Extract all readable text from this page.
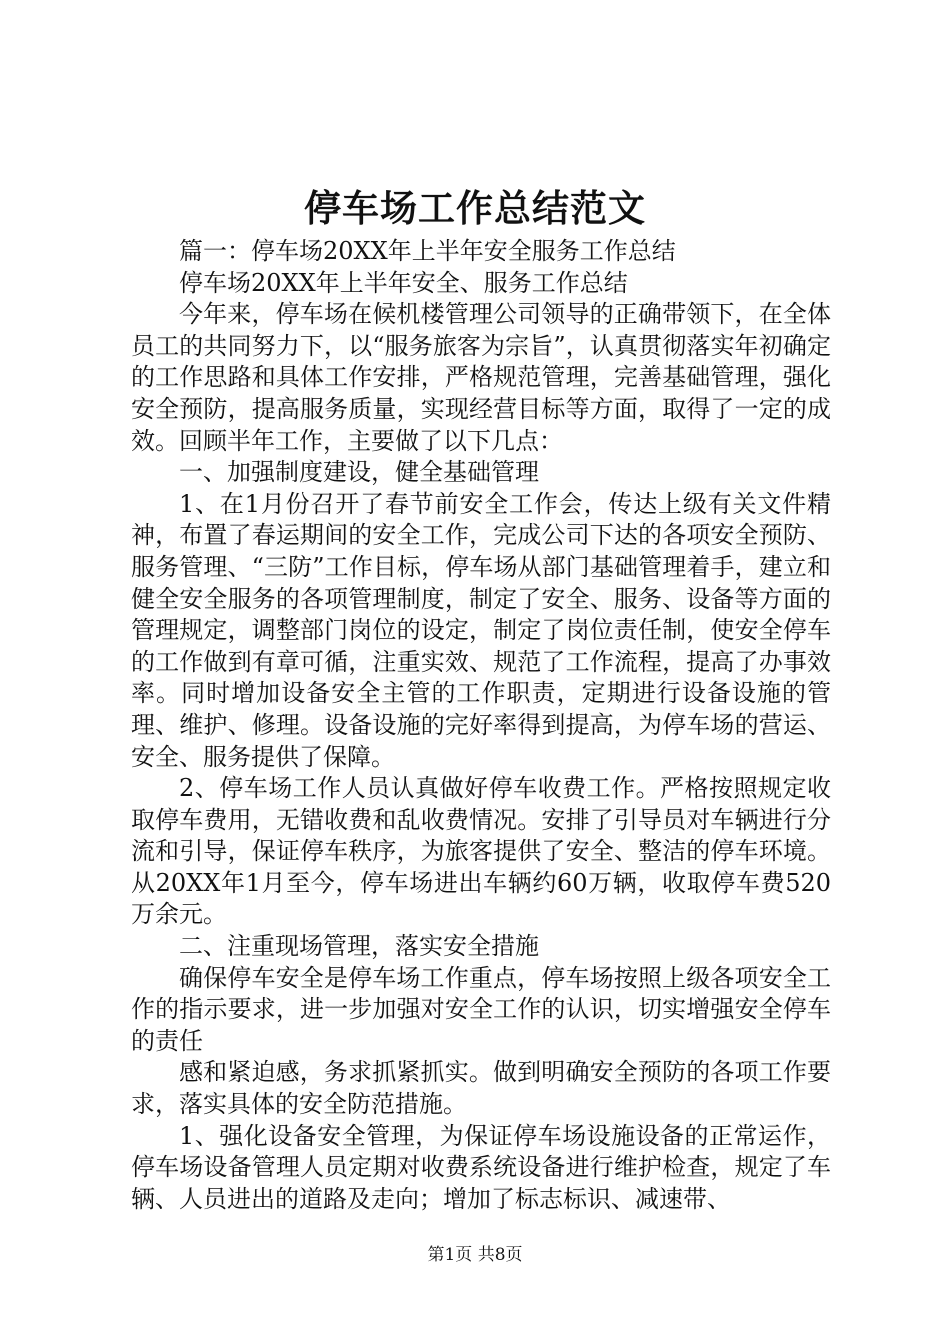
停车场工作总结范文

篇一：停车场20XX年上半年安全服务工作总结

停车场20XX年上半年安全、服务工作总结

今年来，停车场在候机楼管理公司领导的正确带领下，在全体员工的共同努力下，以“服务旅客为宗旨”，认真贯彻落实年初确定的工作思路和具体工作安排，严格规范管理，完善基础管理，强化安全预防，提高服务质量，实现经营目标等方面，取得了一定的成效。回顾半年工作，主要做了以下几点：

一、加强制度建设，健全基础管理

1、在1月份召开了春节前安全工作会，传达上级有关文件精神，布置了春运期间的安全工作，完成公司下达的各项安全预防、服务管理、“三防”工作目标，停车场从部门基础管理着手，建立和健全安全服务的各项管理制度，制定了安全、服务、设备等方面的管理规定，调整部门岗位的设定，制定了岗位责任制，使安全停车的工作做到有章可循，注重实效、规范了工作流程，提高了办事效率。同时增加设备安全主管的工作职责，定期进行设备设施的管理、维护、修理。设备设施的完好率得到提高，为停车场的营运、安全、服务提供了保障。

2、停车场工作人员认真做好停车收费工作。严格按照规定收取停车费用，无错收费和乱收费情况。安排了引导员对车辆进行分流和引导，保证停车秩序，为旅客提供了安全、整洁的停车环境。从20XX年1月至今，停车场进出车辆约60万辆，收取停车费520万余元。

二、注重现场管理，落实安全措施

确保停车安全是停车场工作重点，停车场按照上级各项安全工作的指示要求，进一步加强对安全工作的认识，切实增强安全停车的责任

感和紧迫感，务求抓紧抓实。做到明确安全预防的各项工作要求，落实具体的安全防范措施。

1、强化设备安全管理，为保证停车场设施设备的正常运作，停车场设备管理人员定期对收费系统设备进行维护检查，规定了车辆、人员进出的道路及走向；增加了标志标识、减速带、

第1页 共8页
